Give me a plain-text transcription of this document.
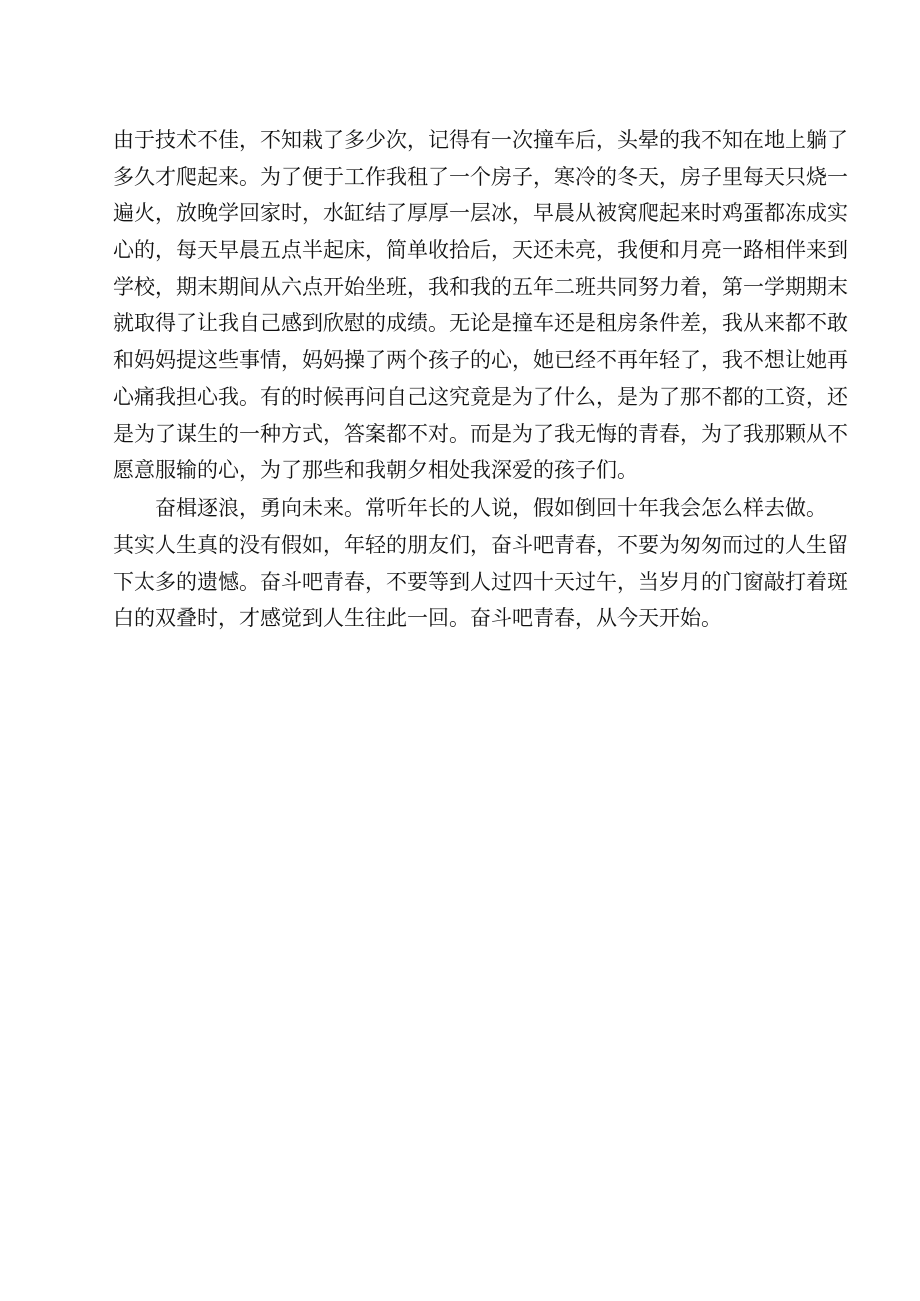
由于技术不佳，不知栽了多少次，记得有一次撞车后，头晕的我不知在地上躺了
多久才爬起来。为了便于工作我租了一个房子，寒冷的冬天，房子里每天只烧一
遍火，放晚学回家时，水缸结了厚厚一层冰，早晨从被窝爬起来时鸡蛋都冻成实
心的，每天早晨五点半起床，简单收拾后，天还未亮，我便和月亮一路相伴来到
学校，期末期间从六点开始坐班，我和我的五年二班共同努力着，第一学期期末
就取得了让我自己感到欣慰的成绩。无论是撞车还是租房条件差，我从来都不敢
和妈妈提这些事情，妈妈操了两个孩子的心，她已经不再年轻了，我不想让她再
心痛我担心我。有的时候再问自己这究竟是为了什么，是为了那不都的工资，还
是为了谋生的一种方式，答案都不对。而是为了我无悔的青春，为了我那颗从不
愿意服输的心，为了那些和我朝夕相处我深爱的孩子们。
奋楫逐浪，勇向未来。常听年长的人说，假如倒回十年我会怎么样去做。
其实人生真的没有假如，年轻的朋友们，奋斗吧青春，不要为匆匆而过的人生留
下太多的遗憾。奋斗吧青春，不要等到人过四十天过午，当岁月的门窗敲打着斑
白的双叠时，才感觉到人生往此一回。奋斗吧青春，从今天开始。
